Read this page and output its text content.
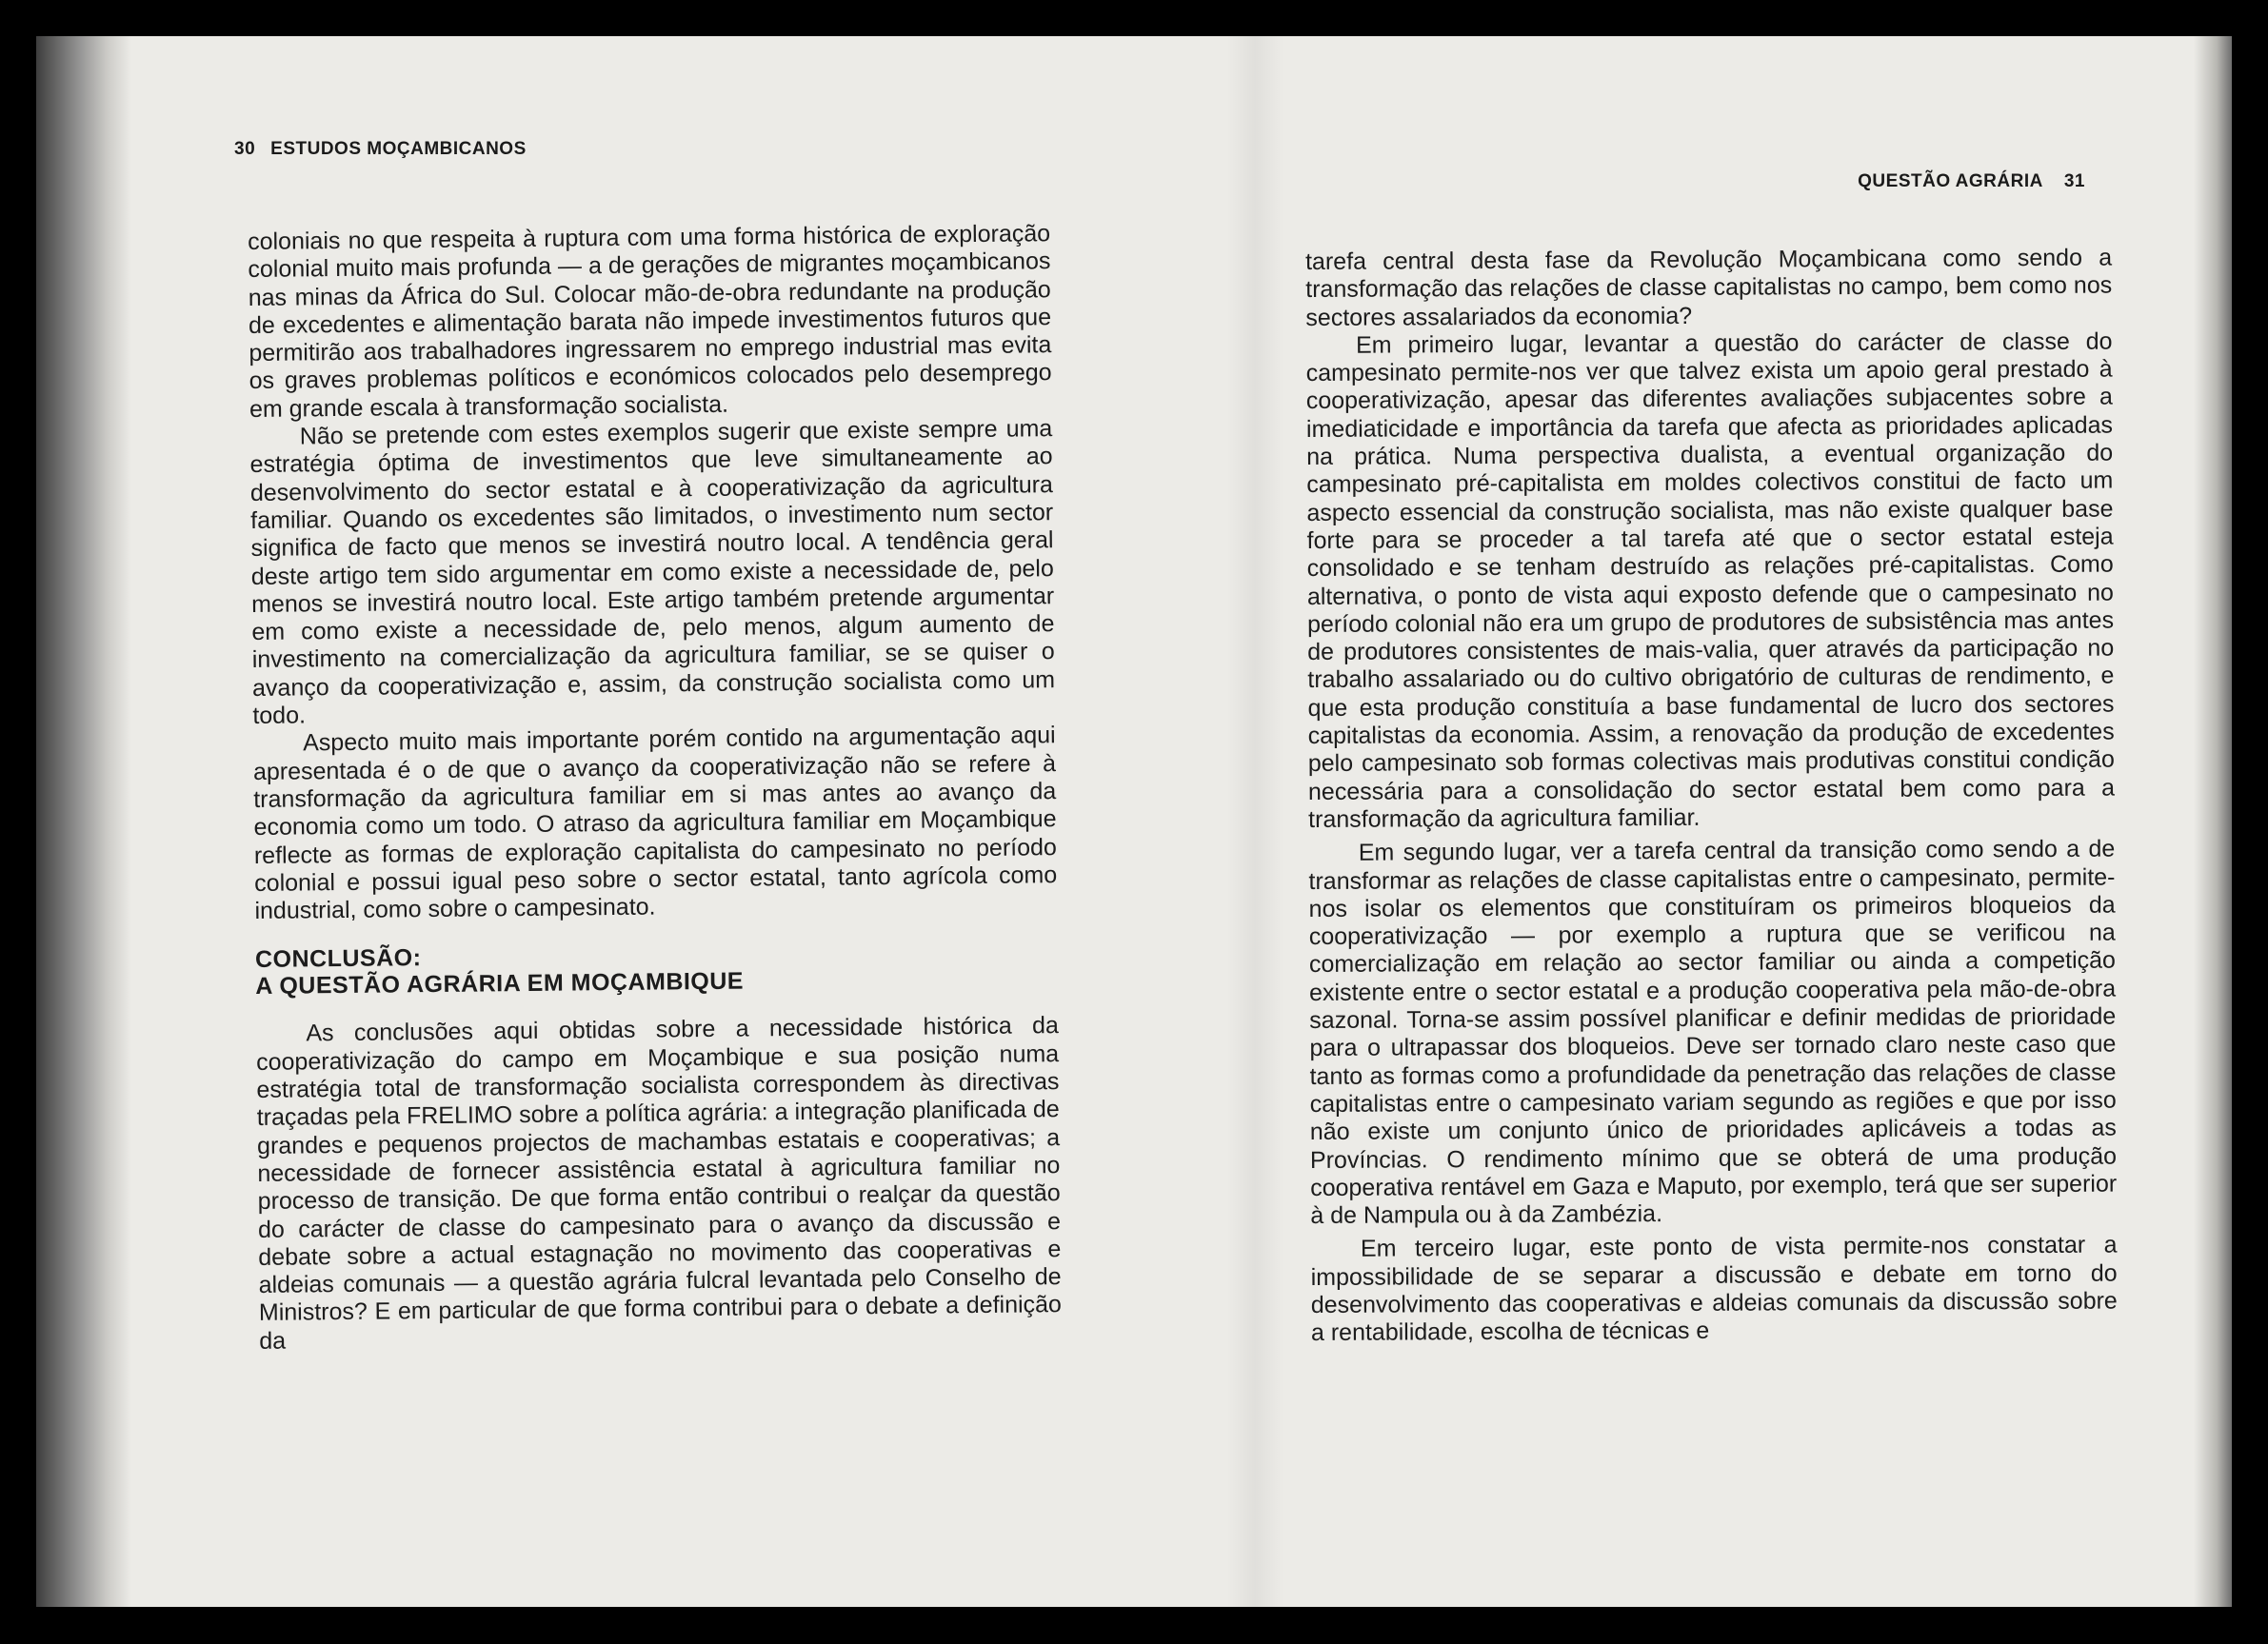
30 ESTUDOS MOÇAMBICANOS

coloniais no que respeita à ruptura com uma forma histórica de exploração colonial muito mais profunda — a de gerações de migrantes moçambicanos nas minas da África do Sul. Colocar mão-de-obra redundante na produção de excedentes e alimentação barata não impede investimentos futuros que permitirão aos trabalhadores ingressarem no emprego industrial mas evita os graves problemas políticos e económicos colocados pelo desemprego em grande escala à transformação socialista.

Não se pretende com estes exemplos sugerir que existe sempre uma estratégia óptima de investimentos que leve simultaneamente ao desenvolvimento do sector estatal e à cooperativização da agricultura familiar. Quando os excedentes são limitados, o investimento num sector significa de facto que menos se investirá noutro local. A tendência geral deste artigo tem sido argumentar em como existe a necessidade de, pelo menos se investirá noutro local. Este artigo também pretende argumentar em como existe a necessidade de, pelo menos, algum aumento de investimento na comercialização da agricultura familiar, se se quiser o avanço da cooperativização e, assim, da construção socialista como um todo.

Aspecto muito mais importante porém contido na argumentação aqui apresentada é o de que o avanço da cooperativização não se refere à transformação da agricultura familiar em si mas antes ao avanço da economia como um todo. O atraso da agricultura familiar em Moçambique reflecte as formas de exploração capitalista do campesinato no período colonial e possui igual peso sobre o sector estatal, tanto agrícola como industrial, como sobre o campesinato.

CONCLUSÃO:
A QUESTÃO AGRÁRIA EM MOÇAMBIQUE

As conclusões aqui obtidas sobre a necessidade histórica da cooperativização do campo em Moçambique e sua posição numa estratégia total de transformação socialista correspondem às directivas traçadas pela FRELIMO sobre a política agrária: a integração planificada de grandes e pequenos projectos de machambas estatais e cooperativas; a necessidade de fornecer assistência estatal à agricultura familiar no processo de transição. De que forma então contribui o realçar da questão do carácter de classe do campesinato para o avanço da discussão e debate sobre a actual estagnação no movimento das cooperativas e aldeias comunais — a questão agrária fulcral levantada pelo Conselho de Ministros? E em particular de que forma contribui para o debate a definição da

QUESTÃO AGRÁRIA 31

tarefa central desta fase da Revolução Moçambicana como sendo a transformação das relações de classe capitalistas no campo, bem como nos sectores assalariados da economia?

Em primeiro lugar, levantar a questão do carácter de classe do campesinato permite-nos ver que talvez exista um apoio geral prestado à cooperativização, apesar das diferentes avaliações subjacentes sobre a imediaticidade e importância da tarefa que afecta as prioridades aplicadas na prática. Numa perspectiva dualista, a eventual organização do campesinato pré-capitalista em moldes colectivos constitui de facto um aspecto essencial da construção socialista, mas não existe qualquer base forte para se proceder a tal tarefa até que o sector estatal esteja consolidado e se tenham destruído as relações pré-capitalistas. Como alternativa, o ponto de vista aqui exposto defende que o campesinato no período colonial não era um grupo de produtores de subsistência mas antes de produtores consistentes de mais-valia, quer através da participação no trabalho assalariado ou do cultivo obrigatório de culturas de rendimento, e que esta produção constituía a base fundamental de lucro dos sectores capitalistas da economia. Assim, a renovação da produção de excedentes pelo campesinato sob formas colectivas mais produtivas constitui condição necessária para a consolidação do sector estatal bem como para a transformação da agricultura familiar.

Em segundo lugar, ver a tarefa central da transição como sendo a de transformar as relações de classe capitalistas entre o campesinato, permite-nos isolar os elementos que constituíram os primeiros bloqueios da cooperativização — por exemplo a ruptura que se verificou na comercialização em relação ao sector familiar ou ainda a competição existente entre o sector estatal e a produção cooperativa pela mão-de-obra sazonal. Torna-se assim possível planificar e definir medidas de prioridade para o ultrapassar dos bloqueios. Deve ser tornado claro neste caso que tanto as formas como a profundidade da penetração das relações de classe capitalistas entre o campesinato variam segundo as regiões e que por isso não existe um conjunto único de prioridades aplicáveis a todas as Províncias. O rendimento mínimo que se obterá de uma produção cooperativa rentável em Gaza e Maputo, por exemplo, terá que ser superior à de Nampula ou à da Zambézia.

Em terceiro lugar, este ponto de vista permite-nos constatar a impossibilidade de se separar a discussão e debate em torno do desenvolvimento das cooperativas e aldeias comunais da discussão sobre a rentabilidade, escolha de técnicas e
